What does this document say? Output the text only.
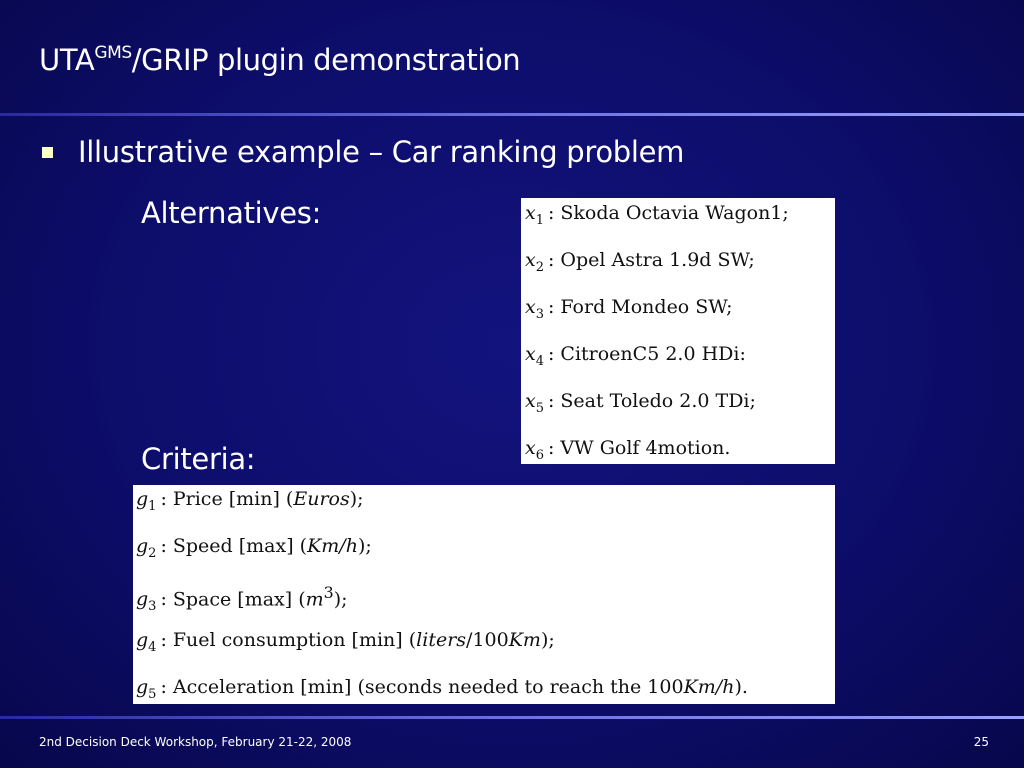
$UTA^{GMS}$/GRIP plugin demonstration
Illustrative example – Car ranking problem
Alternatives:	$x_1$ : Skoda Octavia Wagon1;
$x_2$ : Opel Astra 1.9d SW;
$x_3$ : Ford Mondeo SW;
$x_4$ : CitroenC5 2.0 HDi:
$x_5$ : Seat Toledo 2.0 TDi;
$x_6$ : VW Golf 4motion.
Criteria:
$g_1$ : Price [min] (Euros);
$g_2$ : Speed [max] (Km/h);
$g_3$ : Space [max] $(m^3)$;
$g_4$ : Fuel consumption [min] (liters/100Km);
$g_5$ : Acceleration [min] (seconds needed to reach the 100Km/h).
2nd Decision Deck Workshop, February 21-22, 2008	25
